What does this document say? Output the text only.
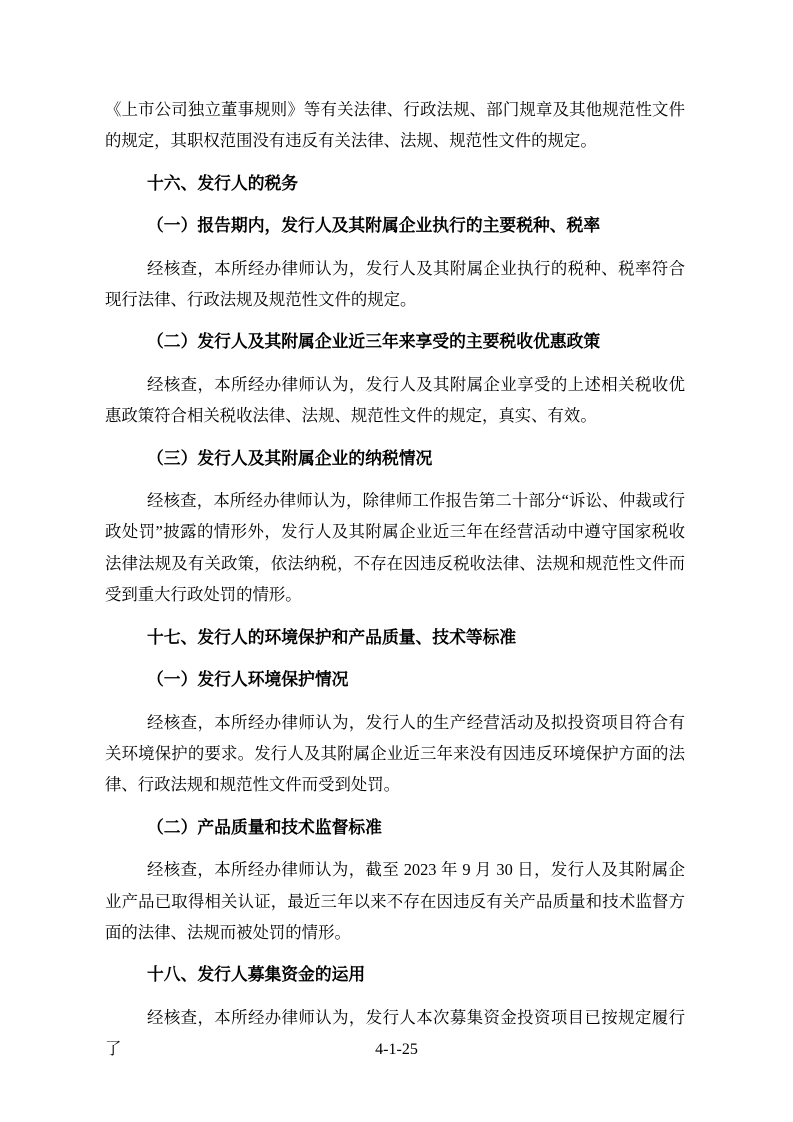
《上市公司独立董事规则》等有关法律、行政法规、部门规章及其他规范性文件的规定，其职权范围没有违反有关法律、法规、规范性文件的规定。

十六、发行人的税务
（一）报告期内，发行人及其附属企业执行的主要税种、税率

经核查，本所经办律师认为，发行人及其附属企业执行的税种、税率符合现行法律、行政法规及规范性文件的规定。

（二）发行人及其附属企业近三年来享受的主要税收优惠政策

经核查，本所经办律师认为，发行人及其附属企业享受的上述相关税收优惠政策符合相关税收法律、法规、规范性文件的规定，真实、有效。

（三）发行人及其附属企业的纳税情况

经核查，本所经办律师认为，除律师工作报告第二十部分“诉讼、仲裁或行政处罚”披露的情形外，发行人及其附属企业近三年在经营活动中遵守国家税收法律法规及有关政策，依法纳税，不存在因违反税收法律、法规和规范性文件而受到重大行政处罚的情形。

十七、发行人的环境保护和产品质量、技术等标准
（一）发行人环境保护情况

经核查，本所经办律师认为，发行人的生产经营活动及拟投资项目符合有关环境保护的要求。发行人及其附属企业近三年来没有因违反环境保护方面的法律、行政法规和规范性文件而受到处罚。

（二）产品质量和技术监督标准

经核查，本所经办律师认为，截至 2023 年 9 月 30 日，发行人及其附属企业产品已取得相关认证，最近三年以来不存在因违反有关产品质量和技术监督方面的法律、法规而被处罚的情形。

十八、发行人募集资金的运用

经核查，本所经办律师认为，发行人本次募集资金投资项目已按规定履行了	4-1-25
